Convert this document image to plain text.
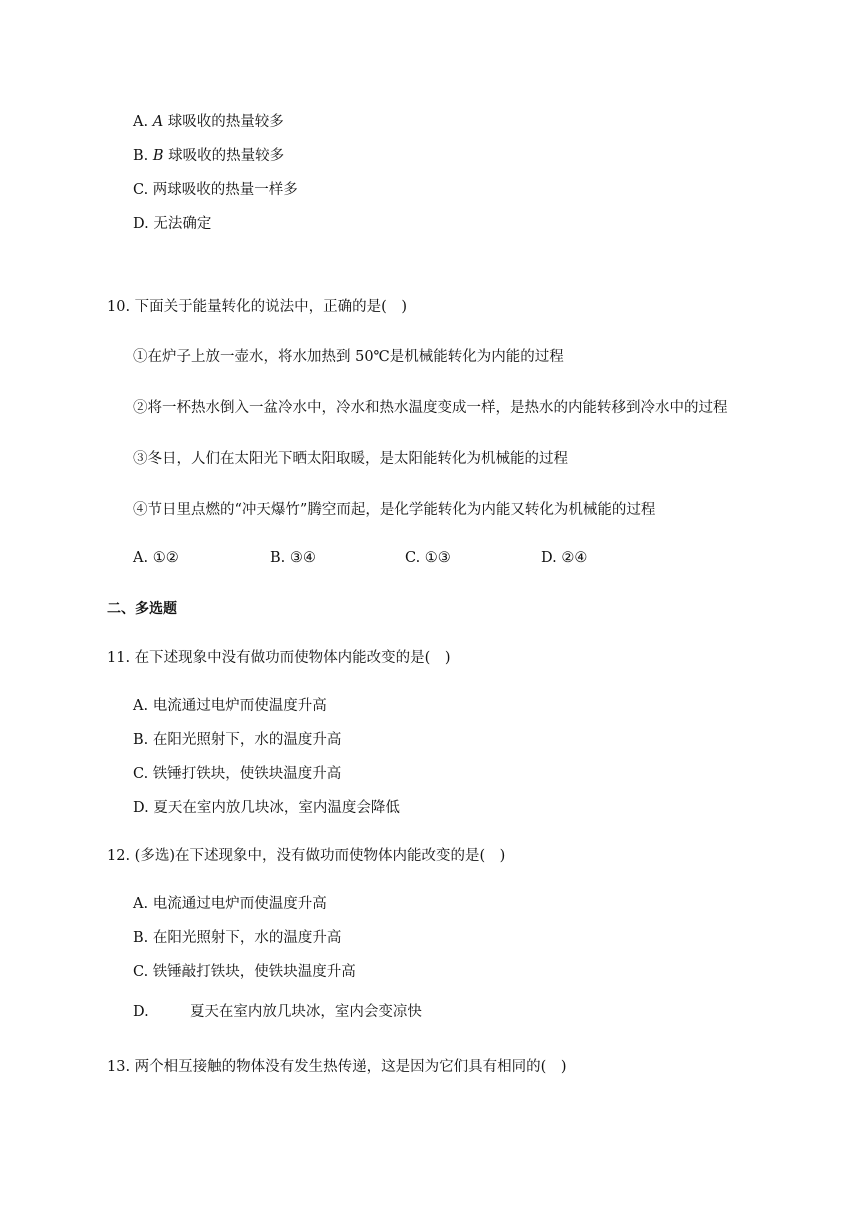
A. A 球吸收的热量较多
B. B 球吸收的热量较多
C. 两球吸收的热量一样多
D. 无法确定
10. 下面关于能量转化的说法中，正确的是(　)
①在炉子上放一壶水，将水加热到 50℃是机械能转化为内能的过程
②将一杯热水倒入一盆冷水中，冷水和热水温度变成一样，是热水的内能转移到冷水中的过程
③冬日，人们在太阳光下晒太阳取暖，是太阳能转化为机械能的过程
④节日里点燃的“冲天爆竹”腾空而起，是化学能转化为内能又转化为机械能的过程
A. ①②	B. ③④	C. ①③	D. ②④
二、多选题
11. 在下述现象中没有做功而使物体内能改变的是(　)
A. 电流通过电炉而使温度升高
B. 在阳光照射下，水的温度升高
C. 铁锤打铁块，使铁块温度升高
D. 夏天在室内放几块冰，室内温度会降低
12. (多选)在下述现象中，没有做功而使物体内能改变的是(　)
A. 电流通过电炉而使温度升高
B. 在阳光照射下，水的温度升高
C. 铁锤敲打铁块，使铁块温度升高
D.	夏天在室内放几块冰，室内会变凉快
13. 两个相互接触的物体没有发生热传递，这是因为它们具有相同的(　)
